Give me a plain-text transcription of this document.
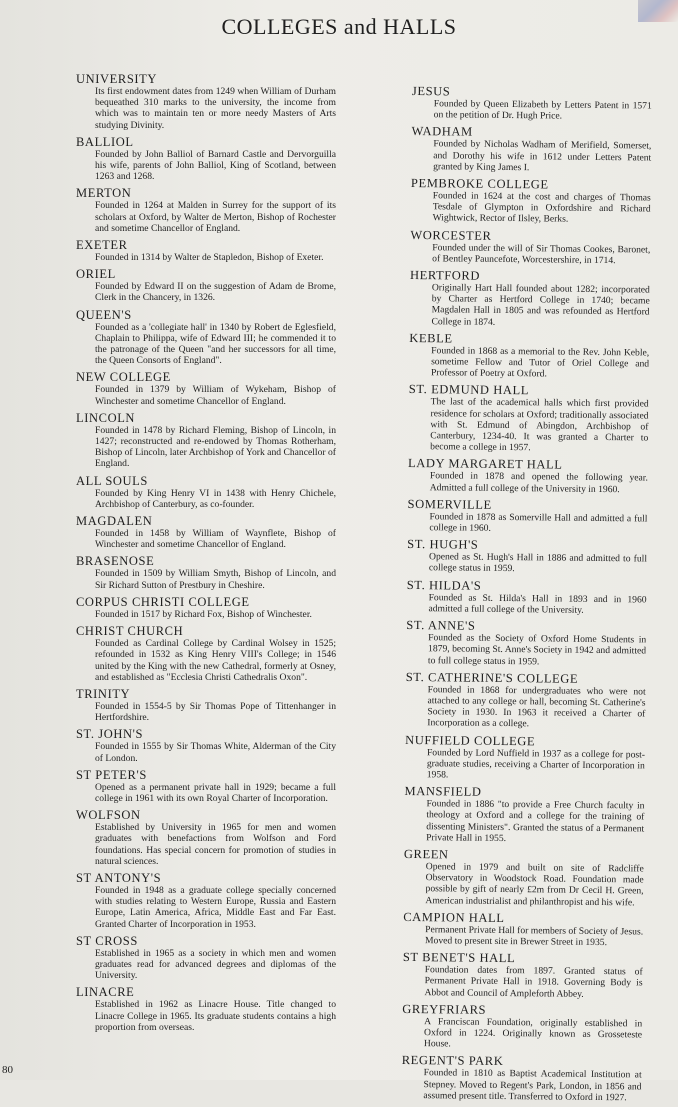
COLLEGES and HALLS
UNIVERSITY
Its first endowment dates from 1249 when William of Durham bequeathed 310 marks to the university, the income from which was to maintain ten or more needy Masters of Arts studying Divinity.
BALLIOL
Founded by John Balliol of Barnard Castle and Dervorguilla his wife, parents of John Balliol, King of Scotland, between 1263 and 1268.
MERTON
Founded in 1264 at Malden in Surrey for the support of its scholars at Oxford, by Walter de Merton, Bishop of Rochester and sometime Chancellor of England.
EXETER
Founded in 1314 by Walter de Stapledon, Bishop of Exeter.
ORIEL
Founded by Edward II on the suggestion of Adam de Brome, Clerk in the Chancery, in 1326.
QUEEN'S
Founded as a 'collegiate hall' in 1340 by Robert de Eglesfield, Chaplain to Philippa, wife of Edward III; he commended it to the patronage of the Queen "and her successors for all time, the Queen Consorts of England".
NEW COLLEGE
Founded in 1379 by William of Wykeham, Bishop of Winchester and sometime Chancellor of England.
LINCOLN
Founded in 1478 by Richard Fleming, Bishop of Lincoln, in 1427; reconstructed and re-endowed by Thomas Rotherham, Bishop of Lincoln, later Archbishop of York and Chancellor of England.
ALL SOULS
Founded by King Henry VI in 1438 with Henry Chichele, Archbishop of Canterbury, as co-founder.
MAGDALEN
Founded in 1458 by William of Waynflete, Bishop of Winchester and sometime Chancellor of England.
BRASENOSE
Founded in 1509 by William Smyth, Bishop of Lincoln, and Sir Richard Sutton of Prestbury in Cheshire.
CORPUS CHRISTI COLLEGE
Founded in 1517 by Richard Fox, Bishop of Winchester.
CHRIST CHURCH
Founded as Cardinal College by Cardinal Wolsey in 1525; refounded in 1532 as King Henry VIII's College; in 1546 united by the King with the new Cathedral, formerly at Osney, and established as "Ecclesia Christi Cathedralis Oxon".
TRINITY
Founded in 1554-5 by Sir Thomas Pope of Tittenhanger in Hertfordshire.
ST. JOHN'S
Founded in 1555 by Sir Thomas White, Alderman of the City of London.
ST PETER'S
Opened as a permanent private hall in 1929; became a full college in 1961 with its own Royal Charter of Incorporation.
WOLFSON
Established by University in 1965 for men and women graduates with benefactions from Wolfson and Ford foundations. Has special concern for promotion of studies in natural sciences.
ST ANTONY'S
Founded in 1948 as a graduate college specially concerned with studies relating to Western Europe, Russia and Eastern Europe, Latin America, Africa, Middle East and Far East. Granted Charter of Incorporation in 1953.
ST CROSS
Established in 1965 as a society in which men and women graduates read for advanced degrees and diplomas of the University.
LINACRE
Established in 1962 as Linacre House. Title changed to Linacre College in 1965. Its graduate students contains a high proportion from overseas.
JESUS
Founded by Queen Elizabeth by Letters Patent in 1571 on the petition of Dr. Hugh Price.
WADHAM
Founded by Nicholas Wadham of Merifield, Somerset, and Dorothy his wife in 1612 under Letters Patent granted by King James I.
PEMBROKE COLLEGE
Founded in 1624 at the cost and charges of Thomas Tesdale of Glympton in Oxfordshire and Richard Wightwick, Rector of Ilsley, Berks.
WORCESTER
Founded under the will of Sir Thomas Cookes, Baronet, of Bentley Pauncefote, Worcestershire, in 1714.
HERTFORD
Originally Hart Hall founded about 1282; incorporated by Charter as Hertford College in 1740; became Magdalen Hall in 1805 and was refounded as Hertford College in 1874.
KEBLE
Founded in 1868 as a memorial to the Rev. John Keble, sometime Fellow and Tutor of Oriel College and Professor of Poetry at Oxford.
ST. EDMUND HALL
The last of the academical halls which first provided residence for scholars at Oxford; traditionally associated with St. Edmund of Abingdon, Archbishop of Canterbury, 1234-40. It was granted a Charter to become a college in 1957.
LADY MARGARET HALL
Founded in 1878 and opened the following year. Admitted a full college of the University in 1960.
SOMERVILLE
Founded in 1878 as Somerville Hall and admitted a full college in 1960.
ST. HUGH'S
Opened as St. Hugh's Hall in 1886 and admitted to full college status in 1959.
ST. HILDA'S
Founded as St. Hilda's Hall in 1893 and in 1960 admitted a full college of the University.
ST. ANNE'S
Founded as the Society of Oxford Home Students in 1879, becoming St. Anne's Society in 1942 and admitted to full college status in 1959.
ST. CATHERINE'S COLLEGE
Founded in 1868 for undergraduates who were not attached to any college or hall, becoming St. Catherine's Society in 1930. In 1963 it received a Charter of Incorporation as a college.
NUFFIELD COLLEGE
Founded by Lord Nuffield in 1937 as a college for post-graduate studies, receiving a Charter of Incorporation in 1958.
MANSFIELD
Founded in 1886 "to provide a Free Church faculty in theology at Oxford and a college for the training of dissenting Ministers". Granted the status of a Permanent Private Hall in 1955.
GREEN
Opened in 1979 and built on site of Radcliffe Observatory in Woodstock Road. Foundation made possible by gift of nearly £2m from Dr Cecil H. Green, American industrialist and philanthropist and his wife.
CAMPION HALL
Permanent Private Hall for members of Society of Jesus. Moved to present site in Brewer Street in 1935.
ST BENET'S HALL
Foundation dates from 1897. Granted status of Permanent Private Hall in 1918. Governing Body is Abbot and Council of Ampleforth Abbey.
GREYFRIARS
A Franciscan Foundation, originally established in Oxford in 1224. Originally known as Grosseteste House.
REGENT'S PARK
Founded in 1810 as Baptist Academical Institution at Stepney. Moved to Regent's Park, London, in 1856 and assumed present title. Transferred to Oxford in 1927.
80
